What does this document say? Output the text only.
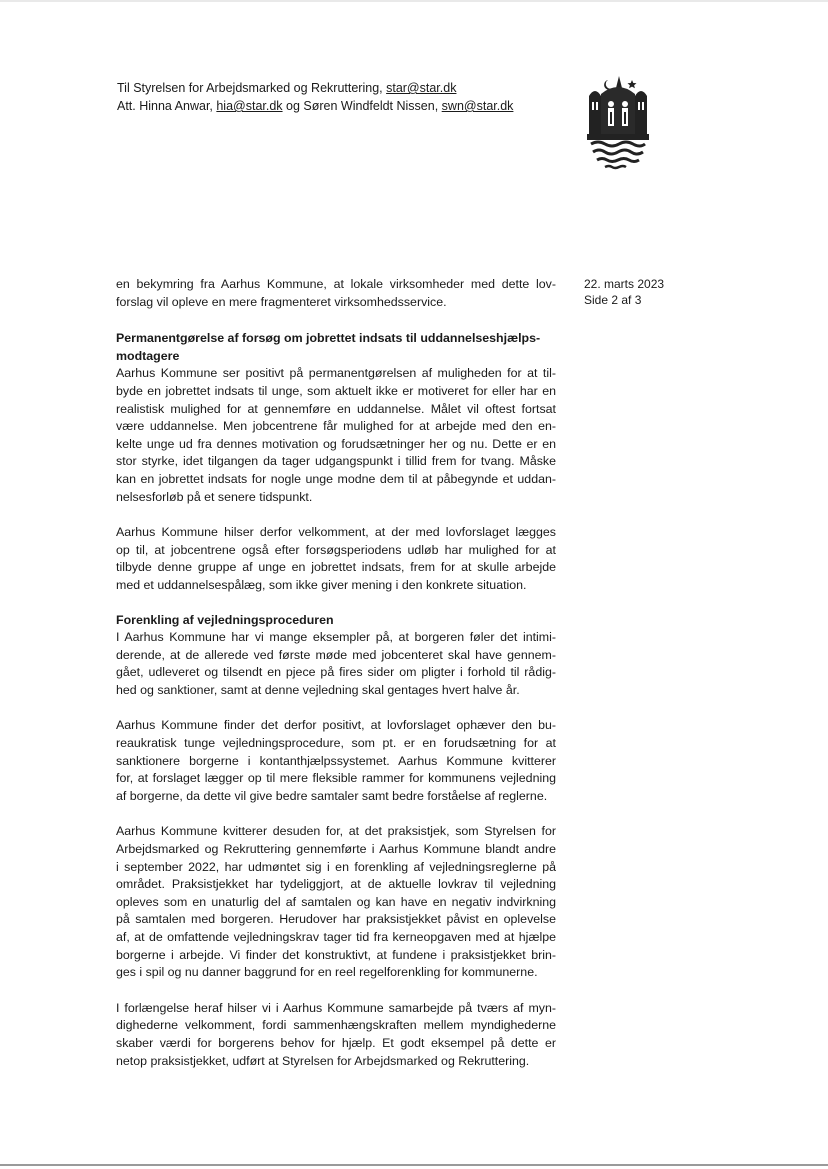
Til Styrelsen for Arbejdsmarked og Rekruttering, star@star.dk
Att. Hinna Anwar, hia@star.dk og Søren Windfeldt Nissen, swn@star.dk
22. marts 2023
Side 2 af 3
en bekymring fra Aarhus Kommune, at lokale virksomheder med dette lov-
forslag vil opleve en mere fragmenteret virksomhedsservice.
Permanentgørelse af forsøg om jobrettet indsats til uddannelseshjælps-
modtagere
Aarhus Kommune ser positivt på permanentgørelsen af muligheden for at til-
byde en jobrettet indsats til unge, som aktuelt ikke er motiveret for eller har en
realistisk mulighed for at gennemføre en uddannelse. Målet vil oftest fortsat
være uddannelse. Men jobcentrene får mulighed for at arbejde med den en-
kelte unge ud fra dennes motivation og forudsætninger her og nu. Dette er en
stor styrke, idet tilgangen da tager udgangspunkt i tillid frem for tvang. Måske
kan en jobrettet indsats for nogle unge modne dem til at påbegynde et uddan-
nelsesforløb på et senere tidspunkt.
Aarhus Kommune hilser derfor velkomment, at der med lovforslaget lægges
op til, at jobcentrene også efter forsøgsperiodens udløb har mulighed for at
tilbyde denne gruppe af unge en jobrettet indsats, frem for at skulle arbejde
med et uddannelsespålæg, som ikke giver mening i den konkrete situation.
Forenkling af vejledningsproceduren
I Aarhus Kommune har vi mange eksempler på, at borgeren føler det intimi-
derende, at de allerede ved første møde med jobcenteret skal have gennem-
gået, udleveret og tilsendt en pjece på fires sider om pligter i forhold til rådig-
hed og sanktioner, samt at denne vejledning skal gentages hvert halve år.
Aarhus Kommune finder det derfor positivt, at lovforslaget ophæver den bu-
reaukratisk tunge vejledningsprocedure, som pt. er en forudsætning for at
sanktionere borgerne i kontanthjælpssystemet. Aarhus Kommune kvitterer
for, at forslaget lægger op til mere fleksible rammer for kommunens vejledning
af borgerne, da dette vil give bedre samtaler samt bedre forståelse af reglerne.
Aarhus Kommune kvitterer desuden for, at det praksistjek, som Styrelsen for
Arbejdsmarked og Rekruttering gennemførte i Aarhus Kommune blandt andre
i september 2022, har udmøntet sig i en forenkling af vejledningsreglerne på
området. Praksistjekket har tydeliggjort, at de aktuelle lovkrav til vejledning
opleves som en unaturlig del af samtalen og kan have en negativ indvirkning
på samtalen med borgeren. Herudover har praksistjekket påvist en oplevelse
af, at de omfattende vejledningskrav tager tid fra kerneopgaven med at hjælpe
borgerne i arbejde. Vi finder det konstruktivt, at fundene i praksistjekket brin-
ges i spil og nu danner baggrund for en reel regelforenkling for kommunerne.
I forlængelse heraf hilser vi i Aarhus Kommune samarbejde på tværs af myn-
dighederne velkomment, fordi sammenhængskraften mellem myndighederne
skaber værdi for borgerens behov for hjælp. Et godt eksempel på dette er
netop praksistjekket, udført at Styrelsen for Arbejdsmarked og Rekruttering.
